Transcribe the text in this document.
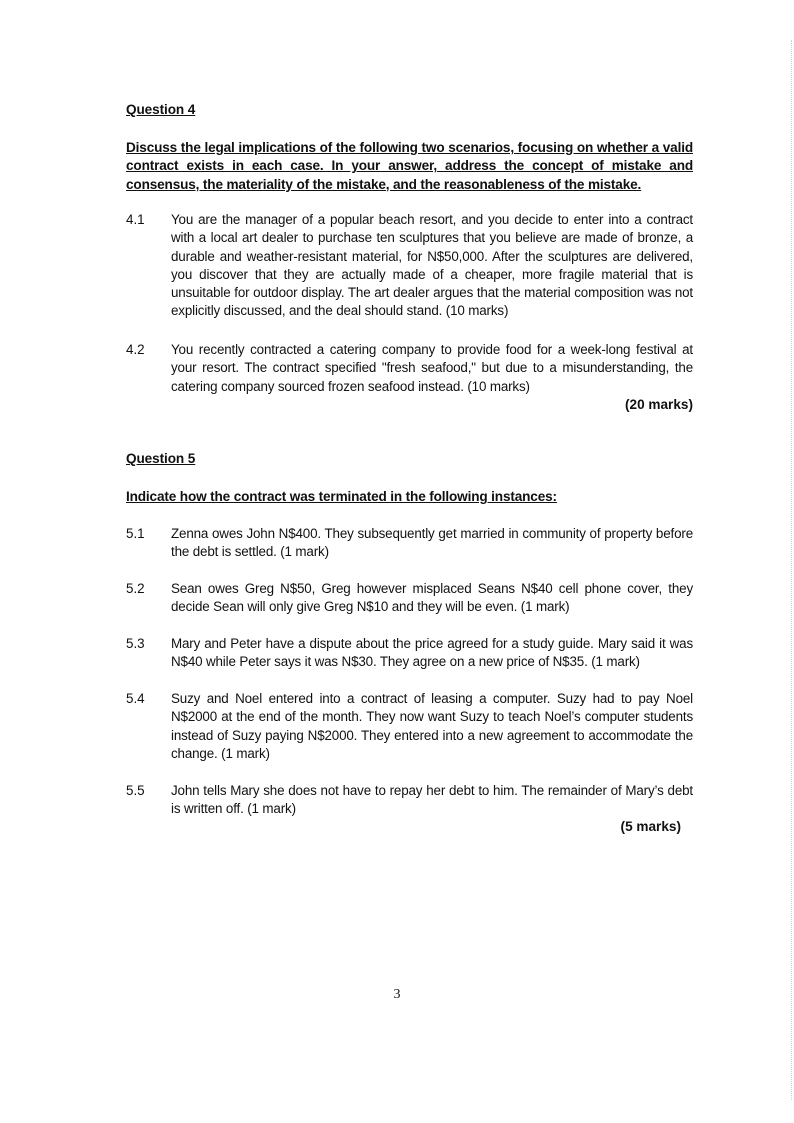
Question 4
Discuss the legal implications of the following two scenarios, focusing on whether a valid contract exists in each case. In your answer, address the concept of mistake and consensus, the materiality of the mistake, and the reasonableness of the mistake.
4.1	You are the manager of a popular beach resort, and you decide to enter into a contract with a local art dealer to purchase ten sculptures that you believe are made of bronze, a durable and weather-resistant material, for N$50,000. After the sculptures are delivered, you discover that they are actually made of a cheaper, more fragile material that is unsuitable for outdoor display. The art dealer argues that the material composition was not explicitly discussed, and the deal should stand. (10 marks)
4.2	You recently contracted a catering company to provide food for a week-long festival at your resort. The contract specified "fresh seafood," but due to a misunderstanding, the catering company sourced frozen seafood instead. (10 marks)
(20 marks)
Question 5
Indicate how the contract was terminated in the following instances:
5.1	Zenna owes John N$400. They subsequently get married in community of property before the debt is settled. (1 mark)
5.2	Sean owes Greg N$50, Greg however misplaced Seans N$40 cell phone cover, they decide Sean will only give Greg N$10 and they will be even. (1 mark)
5.3	Mary and Peter have a dispute about the price agreed for a study guide. Mary said it was N$40 while Peter says it was N$30. They agree on a new price of N$35. (1 mark)
5.4	Suzy and Noel entered into a contract of leasing a computer. Suzy had to pay Noel N$2000 at the end of the month. They now want Suzy to teach Noel’s computer students instead of Suzy paying N$2000. They entered into a new agreement to accommodate the change. (1 mark)
5.5	John tells Mary she does not have to repay her debt to him. The remainder of Mary’s debt is written off. (1 mark)
(5 marks)
3
